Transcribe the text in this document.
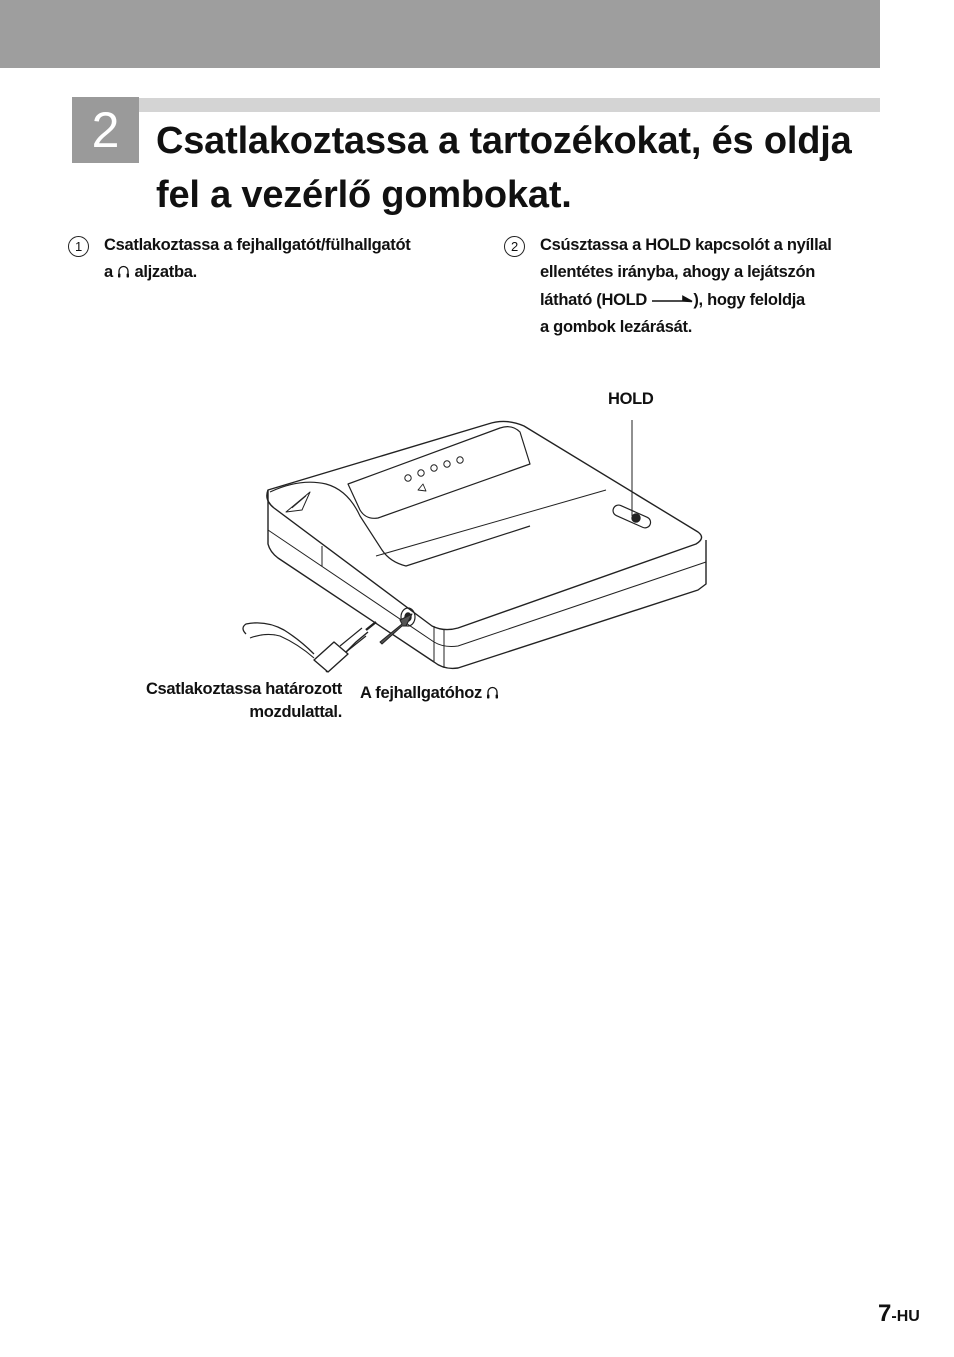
2 Csatlakoztassa a tartozékokat, és oldja
fel a vezérlő gombokat.
1	Csatlakoztassa a fejhallgatót/fülhallgatót

a aljzatba.

2	Csúsztassa a HOLD kapcsolót a nyíllal

ellentétes irányba, ahogy a lejátszón

látható (HOLD	), hogy feloldja

a gombok lezárását.

HOLD
Csatlakoztassa határozott
mozdulattal.
A fejhallgatóhoz
7-HU
